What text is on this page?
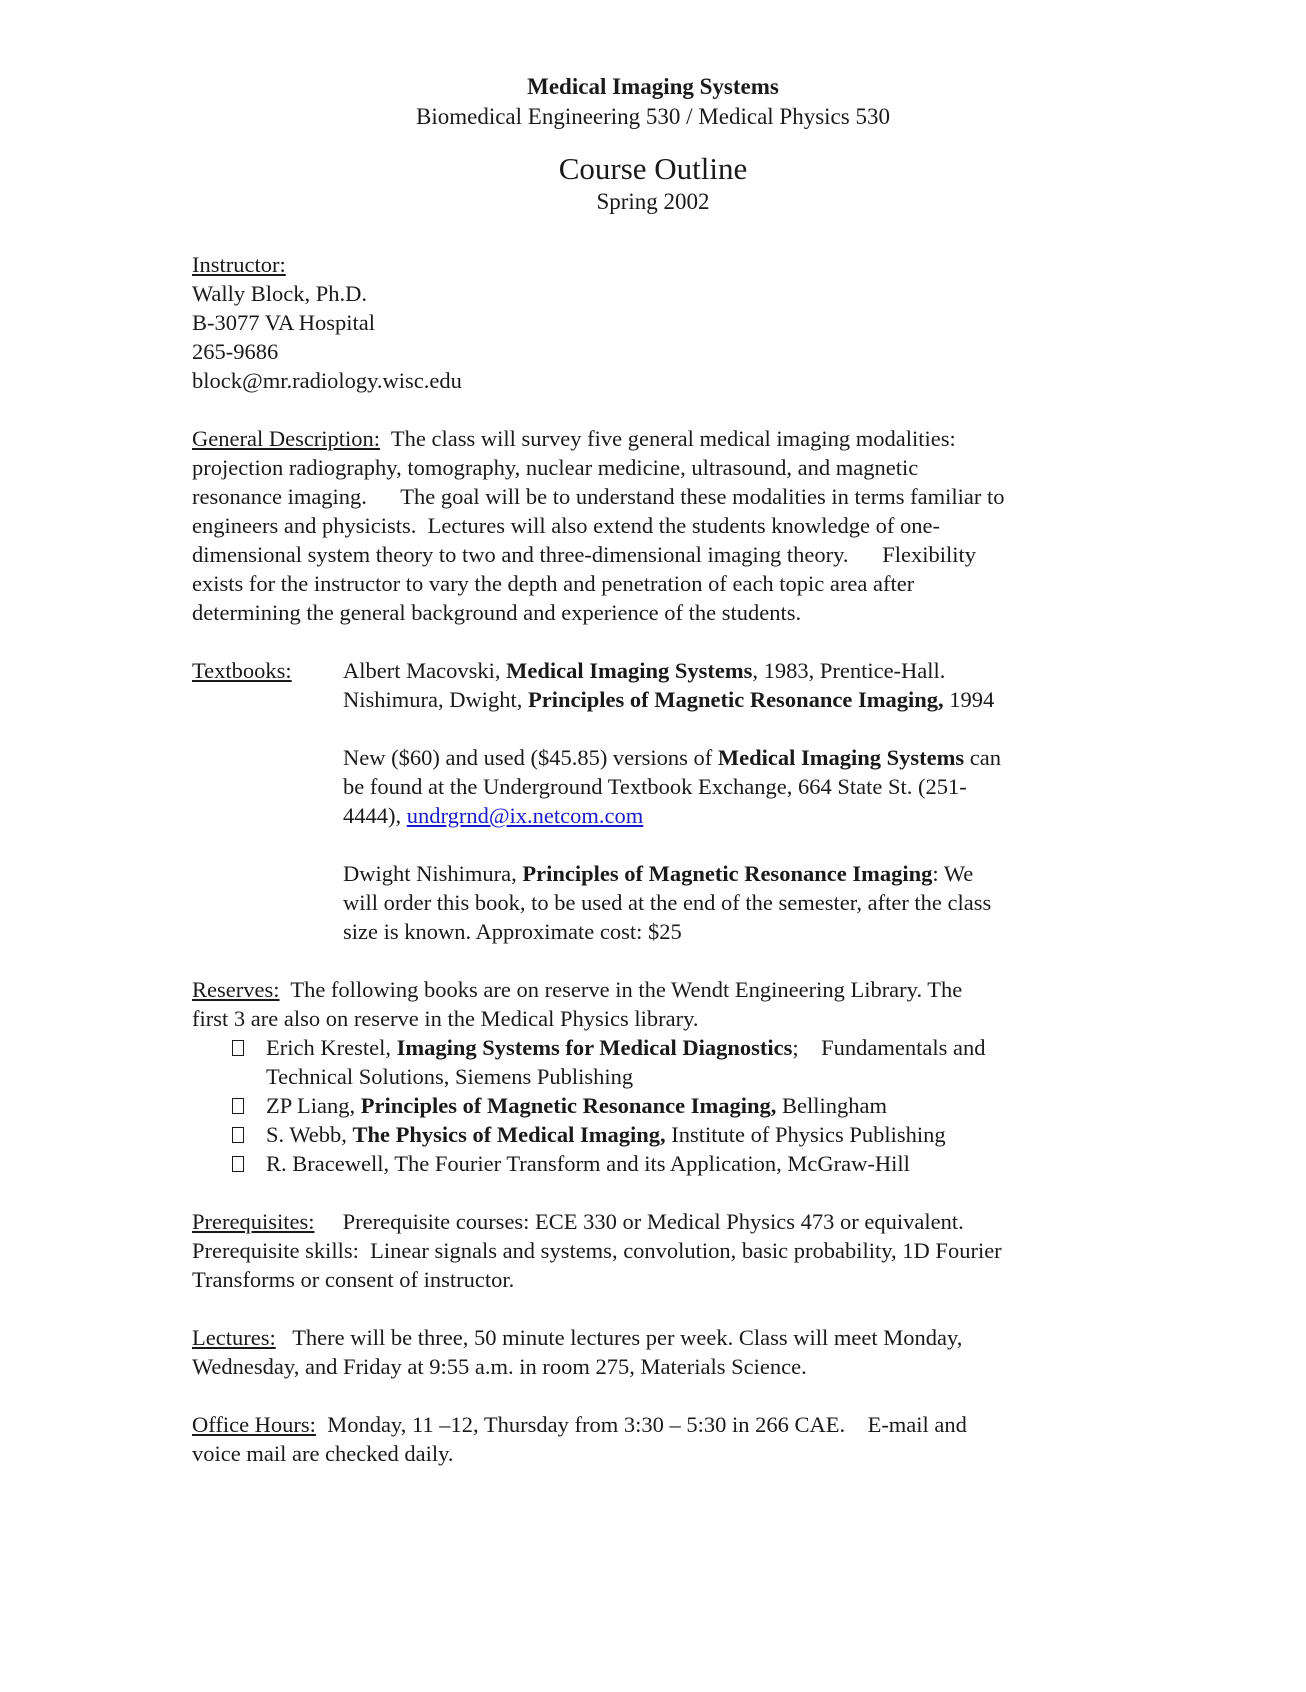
Medical Imaging Systems
Biomedical Engineering 530 / Medical Physics 530
Course Outline
Spring 2002
Instructor:
Wally Block, Ph.D.
B-3077 VA Hospital
265-9686
block@mr.radiology.wisc.edu
General Description: The class will survey five general medical imaging modalities:
projection radiography, tomography, nuclear medicine, ultrasound, and magnetic
resonance imaging.      The goal will be to understand these modalities in terms familiar to
engineers and physicists.  Lectures will also extend the students knowledge of one-
dimensional system theory to two and three-dimensional imaging theory.      Flexibility
exists for the instructor to vary the depth and penetration of each topic area after
determining the general background and experience of the students.
Textbooks: Albert Macovski, Medical Imaging Systems, 1983, Prentice-Hall.
Nishimura, Dwight, Principles of Magnetic Resonance Imaging, 1994
New ($60) and used ($45.85) versions of Medical Imaging Systems can
be found at the Underground Textbook Exchange, 664 State St. (251-
4444), undrgrnd@ix.netcom.com
Dwight Nishimura, Principles of Magnetic Resonance Imaging: We
will order this book, to be used at the end of the semester, after the class
size is known. Approximate cost: $25
Reserves: The following books are on reserve in the Wendt Engineering Library. The
first 3 are also on reserve in the Medical Physics library.
Erich Krestel, Imaging Systems for Medical Diagnostics;    Fundamentals and
Technical Solutions, Siemens Publishing
ZP Liang, Principles of Magnetic Resonance Imaging, Bellingham
S. Webb, The Physics of Medical Imaging, Institute of Physics Publishing
R. Bracewell, The Fourier Transform and its Application, McGraw-Hill
Prerequisites: Prerequisite courses: ECE 330 or Medical Physics 473 or equivalent.
Prerequisite skills:  Linear signals and systems, convolution, basic probability, 1D Fourier
Transforms or consent of instructor.
Lectures: There will be three, 50 minute lectures per week. Class will meet Monday,
Wednesday, and Friday at 9:55 a.m. in room 275, Materials Science.
Office Hours: Monday, 11 –12, Thursday from 3:30 – 5:30 in 266 CAE.    E-mail and
voice mail are checked daily.
